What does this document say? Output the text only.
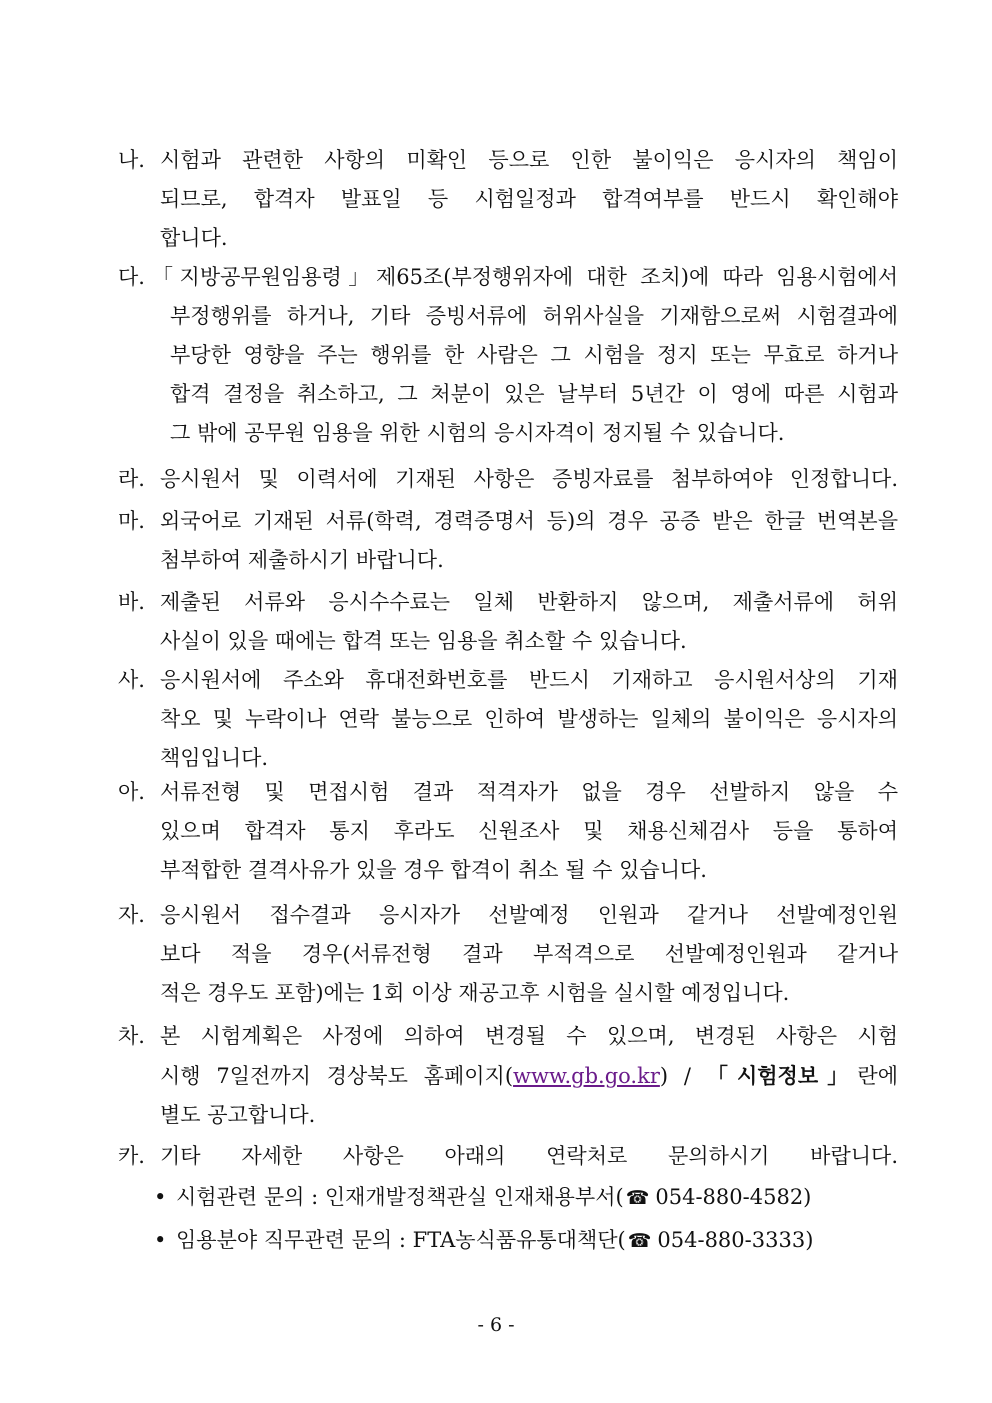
나. 시험과 관련한 사항의 미확인 등으로 인한 불이익은 응시자의 책임이
되므로, 합격자 발표일 등 시험일정과 합격여부를 반드시 확인해야
합니다.
다. 「지방공무원임용령」제65조(부정행위자에 대한 조치)에 따라 임용시험에서
부정행위를 하거나, 기타 증빙서류에 허위사실을 기재함으로써 시험결과에
부당한 영향을 주는 행위를 한 사람은 그 시험을 정지 또는 무효로 하거나
합격 결정을 취소하고, 그 처분이 있은 날부터 5년간 이 영에 따른 시험과
그 밖에 공무원 임용을 위한 시험의 응시자격이 정지될 수 있습니다.
라. 응시원서 및 이력서에 기재된 사항은 증빙자료를 첨부하여야 인정합니다.
마. 외국어로 기재된 서류(학력, 경력증명서 등)의 경우 공증 받은 한글 번역본을
첨부하여 제출하시기 바랍니다.
바. 제출된 서류와 응시수수료는 일체 반환하지 않으며, 제출서류에 허위
사실이 있을 때에는 합격 또는 임용을 취소할 수 있습니다.
사. 응시원서에 주소와 휴대전화번호를 반드시 기재하고 응시원서상의 기재
착오 및 누락이나 연락 불능으로 인하여 발생하는 일체의 불이익은 응시자의
책임입니다.
아. 서류전형 및 면접시험 결과 적격자가 없을 경우 선발하지 않을 수
있으며 합격자 통지 후라도 신원조사 및 채용신체검사 등을 통하여
부적합한 결격사유가 있을 경우 합격이 취소 될 수 있습니다.
자. 응시원서 접수결과 응시자가 선발예정 인원과 같거나 선발예정인원
보다 적을 경우(서류전형 결과 부적격으로 선발예정인원과 같거나
적은 경우도 포함)에는 1회 이상 재공고후 시험을 실시할 예정입니다.
차. 본 시험계획은 사정에 의하여 변경될 수 있으며, 변경된 사항은 시험
시행 7일전까지 경상북도 홈페이지(www.gb.go.kr) / 「시험정보」란에
별도 공고합니다.
카. 기타 자세한 사항은 아래의 연락처로 문의하시기 바랍니다.
• 시험관련 문의 : 인재개발정책관실 인재채용부서( ☎ 054-880-4582)
• 임용분야 직무관련 문의 : FTA농식품유통대책단( ☎ 054-880-3333)
- 6 -
